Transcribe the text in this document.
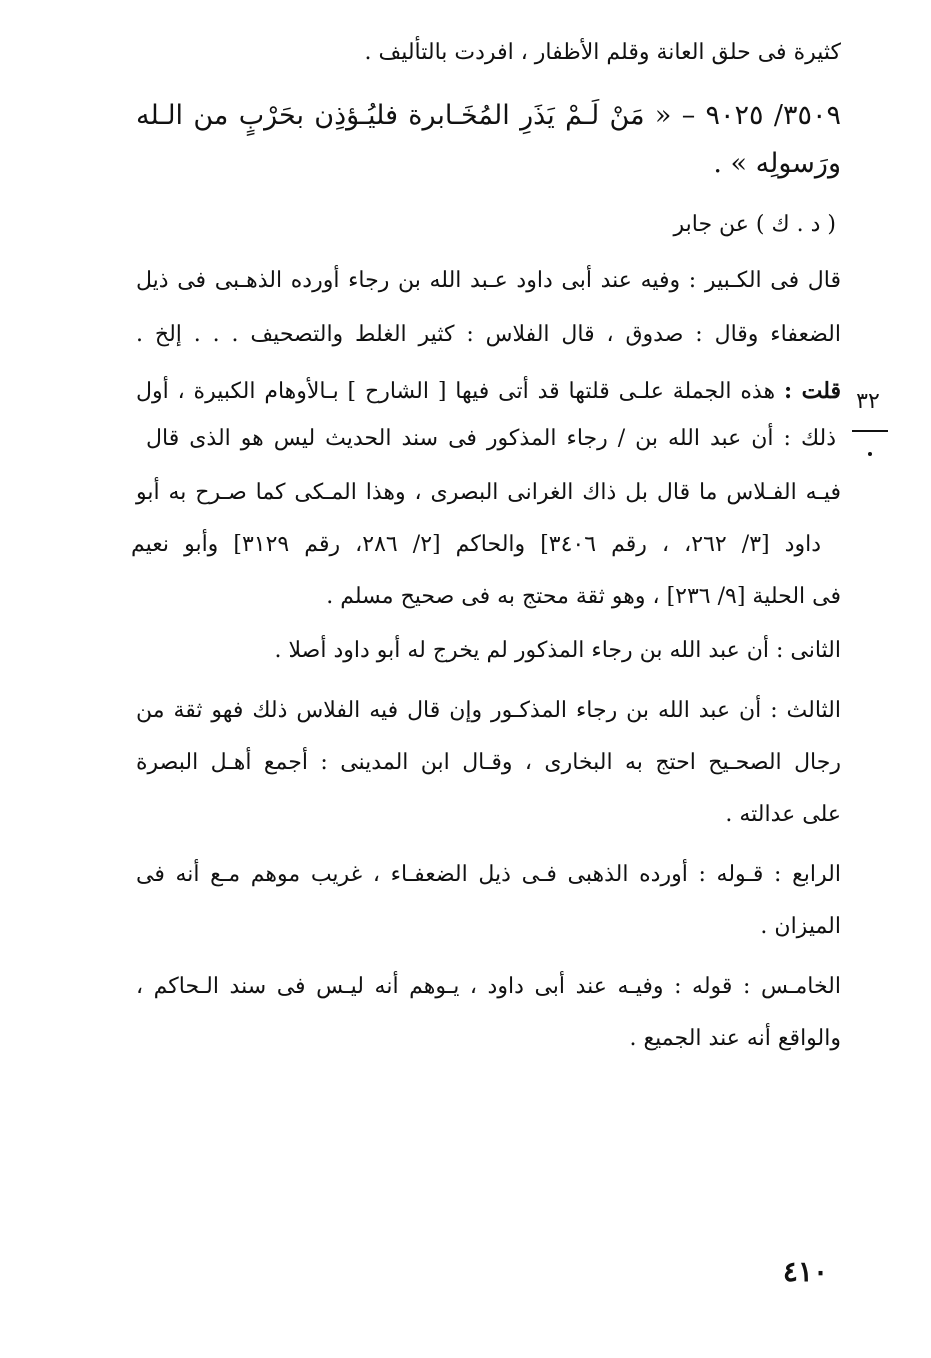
كثيرة فى حلق العانة وقلم الأظفار ، افردت بالتأليف .
٣٥٠٩/ ٩٠٢٥ – « مَنْ لَـمْ يَذَرِ المُخَـابرة فليُـؤذِن بحَرْبٍ من الـله
ورَسولِه » .
( د . ك ) عن جابر
قال فى الكـبير : وفيه عند أبى داود عـبد الله بن رجاء أورده الذهـبى فى ذيل
الضعفاء وقال : صدوق ، قال الفلاس : كثير الغلط والتصحيف . . . إلخ .
قلت : هذه الجملة علـى قلتها قد أتى فيها [ الشارح ] بـالأوهام الكبيرة ، أول
ذلك : أن عبد الله بن / رجاء المذكور فى سند الحديث ليس هو الذى قال
فيـه الفـلاس ما قال بل ذاك الغرانى البصرى ، وهذا المـكى كما صـرح به أبو
داود [٣/ ٢٦٢، ، رقم ٣٤٠٦] والحاكم [٢/ ٢٨٦، رقم ٣١٢٩] وأبو نعيم
فى الحلية [٩/ ٢٣٦] ، وهو ثقة محتج به فى صحيح مسلم .
الثانى : أن عبد الله بن رجاء المذكور لم يخرج له أبو داود أصلا .
الثالث : أن عبد الله بن رجاء المذكـور وإن قال فيه الفلاس ذلك فهو ثقة من
رجال الصحـيح احتج به البخارى ، وقـال ابن المدينى : أجمع أهـل البصرة
على عدالته .
الرابع : قـوله : أورده الذهبى فـى ذيل الضعفـاء ، غريب موهم مـع أنه فى
الميزان .
الخامـس : قوله : وفيـه عند أبى داود ، يـوهم أنه ليـس فى سند الـحاكم ،
والواقع أنه عند الجميع .
٣٢
٤١٠
